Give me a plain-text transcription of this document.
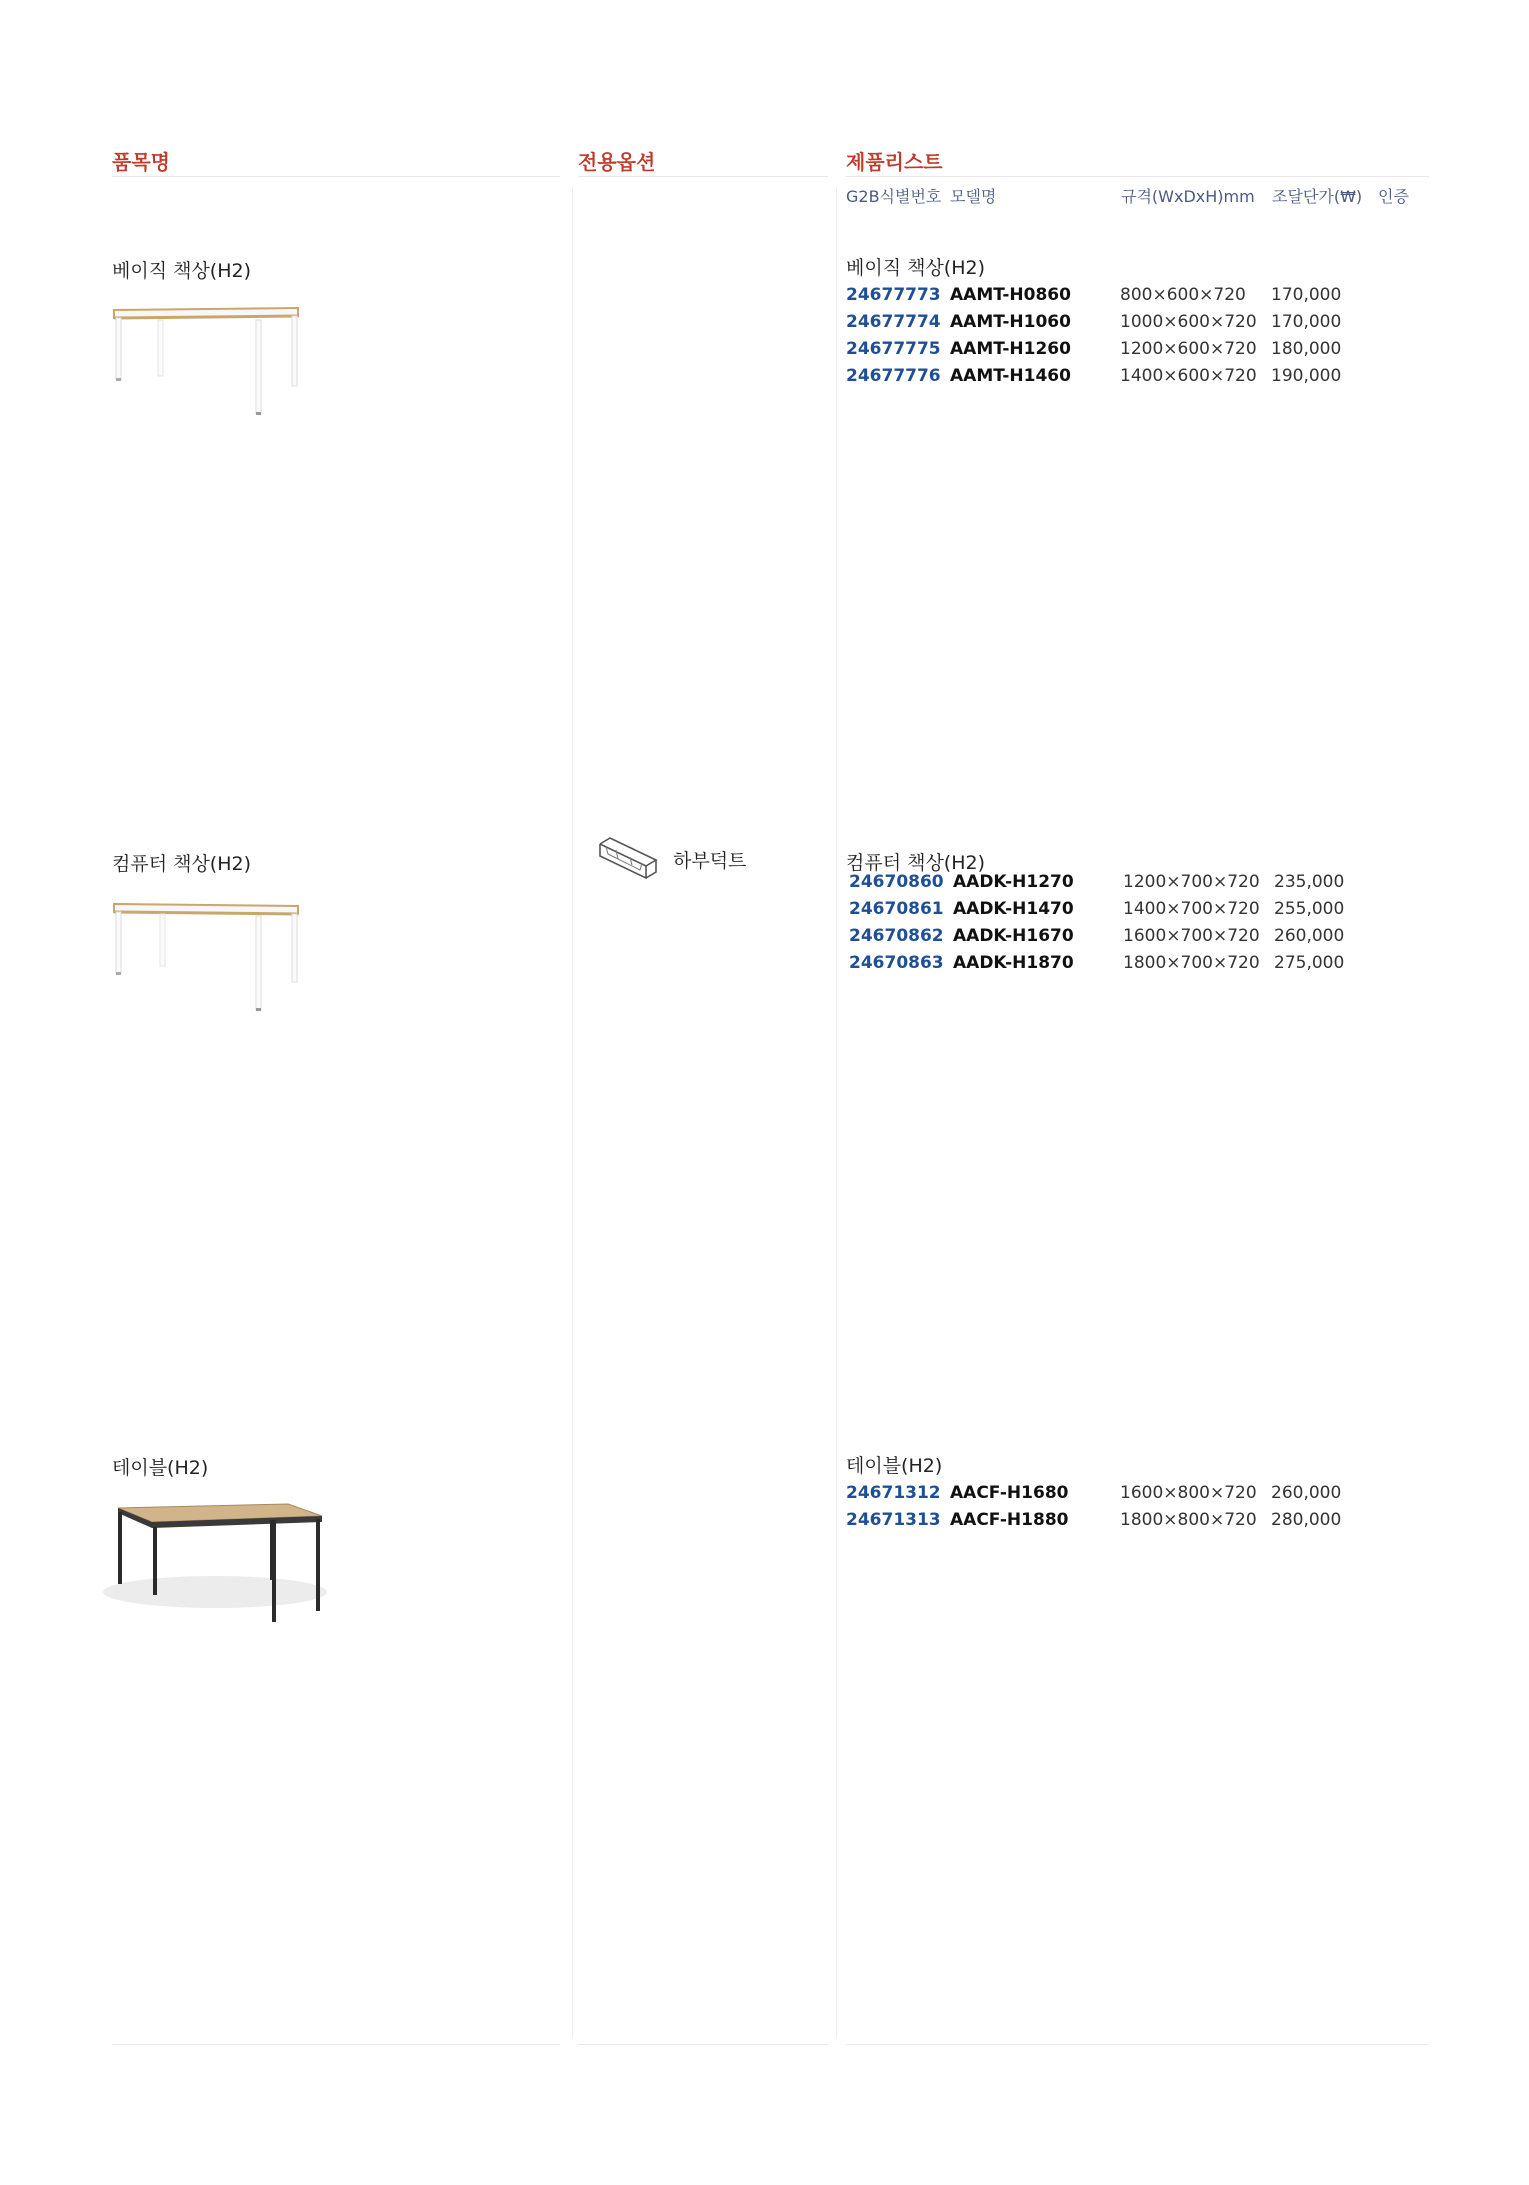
품목명	전용옵션	제품리스트
G2B식별번호 모델명	규격(WxDxH)mm 조달단가(₩) 인증
베이직 책상(H2)
컴퓨터 책상(H2)
테이블(H2)
하부덕트
베이직 책상(H2)
24677773 AAMT-H0860	800×600×720 170,000
24677774 AAMT-H1060	1000×600×720 170,000
24677775 AAMT-H1260	1200×600×720 180,000
24677776 AAMT-H1460	1400×600×720 190,000
컴퓨터 책상(H2)
24670860 AADK-H1270	1200×700×720 235,000
24670861 AADK-H1470	1400×700×720 255,000
24670862 AADK-H1670	1600×700×720 260,000
24670863 AADK-H1870	1800×700×720 275,000
테이블(H2)
24671312 AACF-H1680	1600×800×720 260,000
24671313 AACF-H1880	1800×800×720 280,000
